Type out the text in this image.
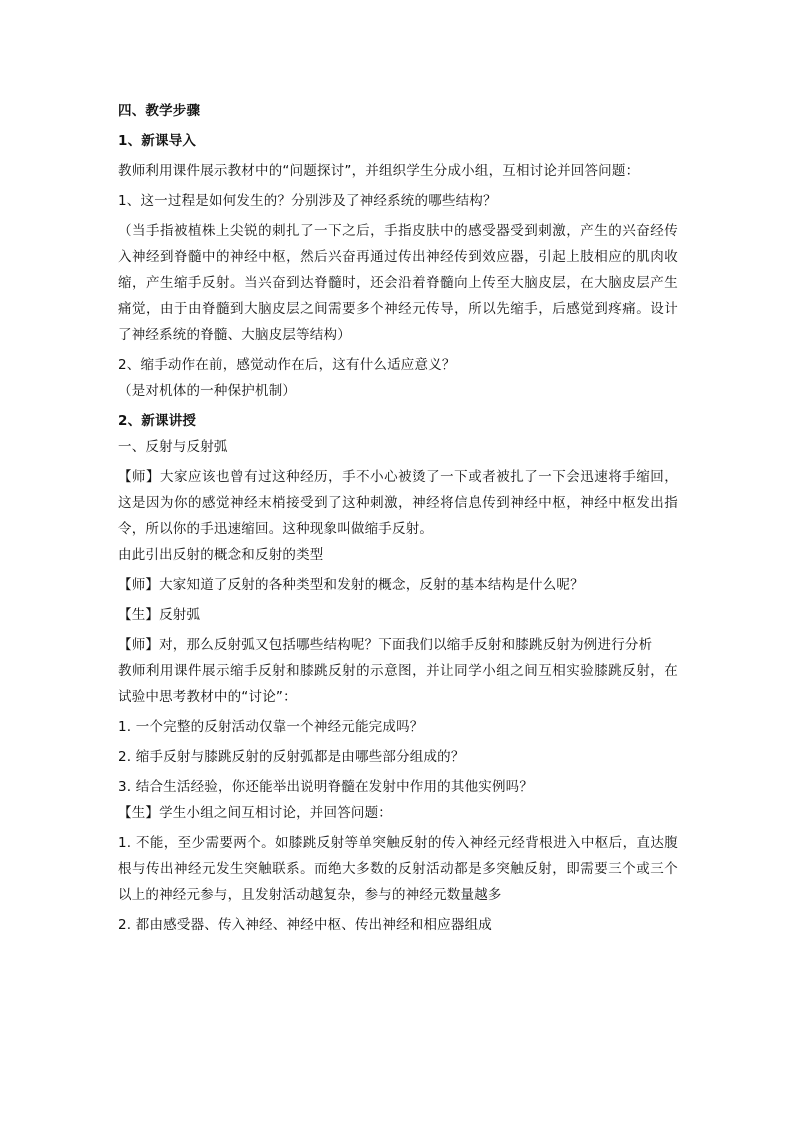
四、教学步骤

1、新课导入

教师利用课件展示教材中的“问题探讨”，并组织学生分成小组，互相讨论并回答问题：

1、这一过程是如何发生的？分别涉及了神经系统的哪些结构？

（当手指被植株上尖锐的刺扎了一下之后，手指皮肤中的感受器受到刺激，产生的兴奋经传入神经到脊髓中的神经中枢，然后兴奋再通过传出神经传到效应器，引起上肢相应的肌肉收缩，产生缩手反射。当兴奋到达脊髓时，还会沿着脊髓向上传至大脑皮层，在大脑皮层产生痛觉，由于由脊髓到大脑皮层之间需要多个神经元传导，所以先缩手，后感觉到疼痛。设计了神经系统的脊髓、大脑皮层等结构）

2、缩手动作在前，感觉动作在后，这有什么适应意义？

（是对机体的一种保护机制）

2、新课讲授

一、反射与反射弧

【师】大家应该也曾有过这种经历，手不小心被烫了一下或者被扎了一下会迅速将手缩回，这是因为你的感觉神经末梢接受到了这种刺激，神经将信息传到神经中枢，神经中枢发出指令，所以你的手迅速缩回。这种现象叫做缩手反射。

由此引出反射的概念和反射的类型

【师】大家知道了反射的各种类型和发射的概念，反射的基本结构是什么呢？

【生】反射弧

【师】对，那么反射弧又包括哪些结构呢？下面我们以缩手反射和膝跳反射为例进行分析

教师利用课件展示缩手反射和膝跳反射的示意图，并让同学小组之间互相实验膝跳反射，在试验中思考教材中的“讨论”：

1. 一个完整的反射活动仅靠一个神经元能完成吗？

2. 缩手反射与膝跳反射的反射弧都是由哪些部分组成的？

3. 结合生活经验，你还能举出说明脊髓在发射中作用的其他实例吗？

【生】学生小组之间互相讨论，并回答问题：

1. 不能，至少需要两个。如膝跳反射等单突触反射的传入神经元经背根进入中枢后，直达腹根与传出神经元发生突触联系。而绝大多数的反射活动都是多突触反射，即需要三个或三个以上的神经元参与，且发射活动越复杂，参与的神经元数量越多

2. 都由感受器、传入神经、神经中枢、传出神经和相应器组成
